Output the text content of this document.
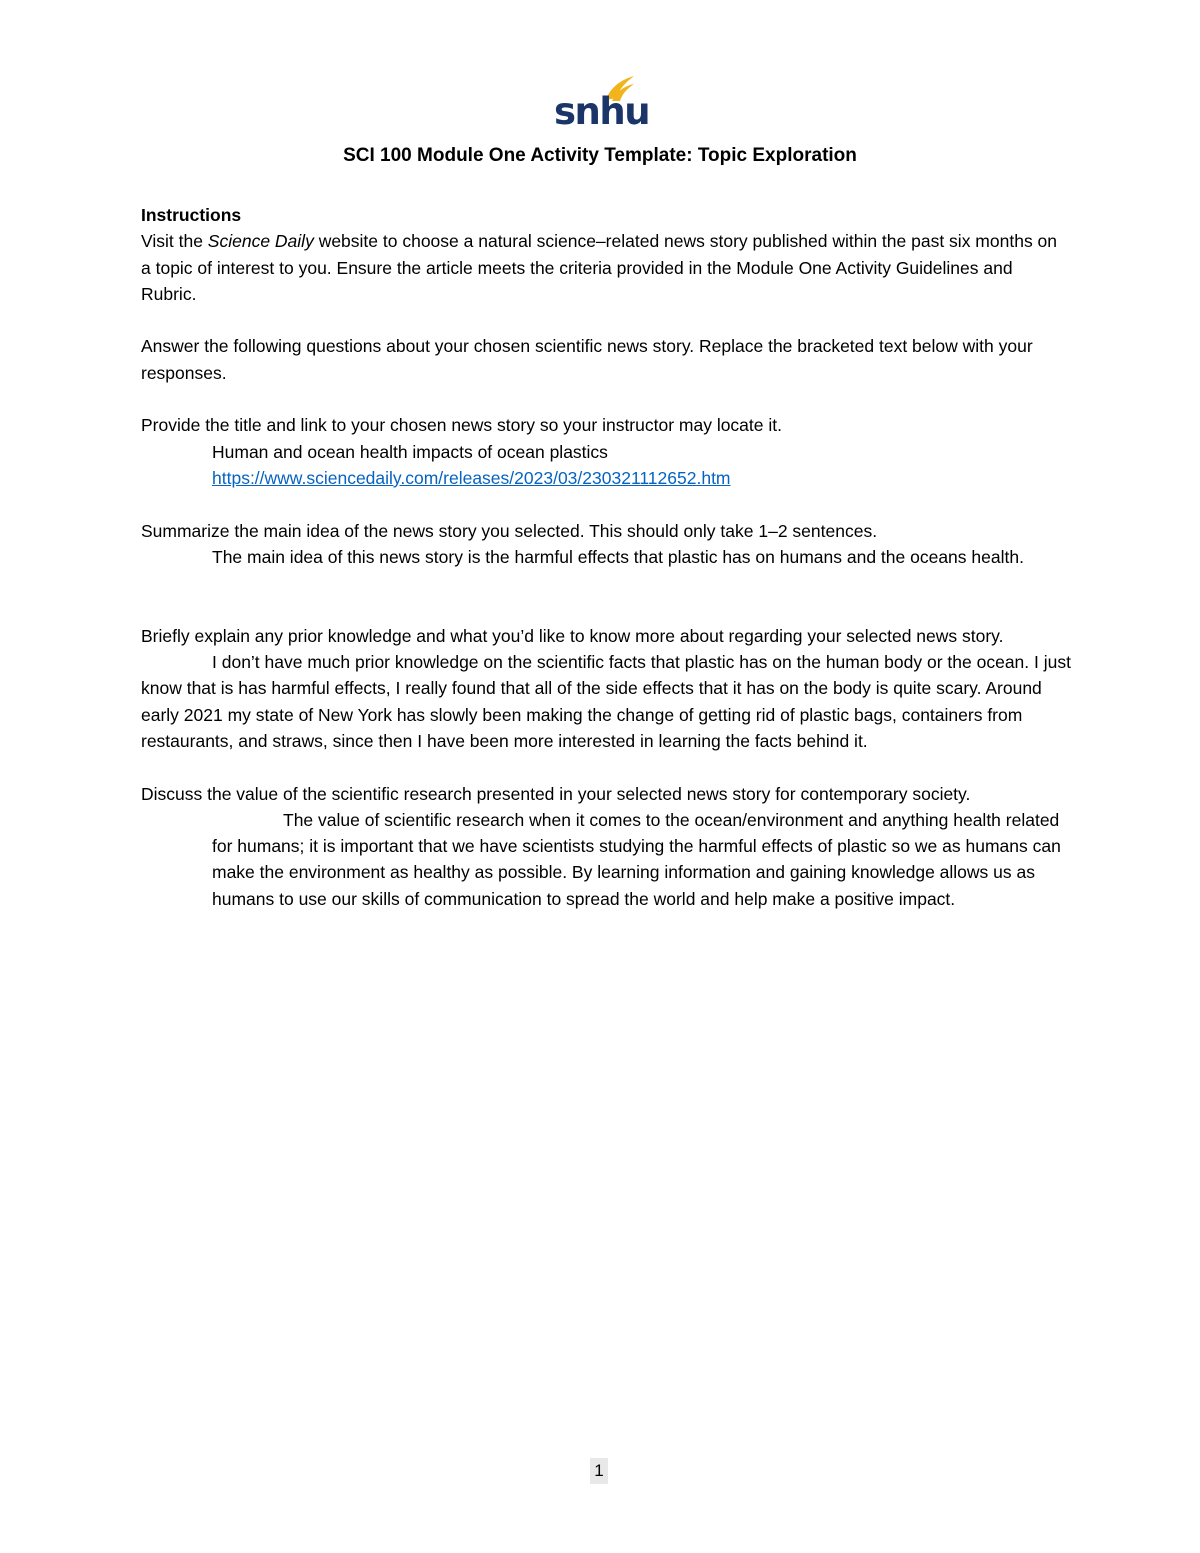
snhu
SCI 100 Module One Activity Template: Topic Exploration

Instructions

Visit the Science Daily website to choose a natural science–related news story published within the past six months on a topic of interest to you. Ensure the article meets the criteria provided in the Module One Activity Guidelines and Rubric.

Answer the following questions about your chosen scientific news story. Replace the bracketed text below with your responses.

Provide the title and link to your chosen news story so your instructor may locate it.

Human and ocean health impacts of ocean plastics

https://www.sciencedaily.com/releases/2023/03/230321112652.htm

Summarize the main idea of the news story you selected. This should only take 1–2 sentences.

The main idea of this news story is the harmful effects that plastic has on humans and the oceans health.

Briefly explain any prior knowledge and what you’d like to know more about regarding your selected news story.

I don’t have much prior knowledge on the scientific facts that plastic has on the human body or the ocean. I just know that is has harmful effects, I really found that all of the side effects that it has on the body is quite scary. Around early 2021 my state of New York has slowly been making the change of getting rid of plastic bags, containers from restaurants, and straws, since then I have been more interested in learning the facts behind it.

Discuss the value of the scientific research presented in your selected news story for contemporary society.

The value of scientific research when it comes to the ocean/environment and anything health related for humans; it is important that we have scientists studying the harmful effects of plastic so we as humans can make the environment as healthy as possible. By learning information and gaining knowledge allows us as humans to use our skills of communication to spread the world and help make a positive impact.

1
